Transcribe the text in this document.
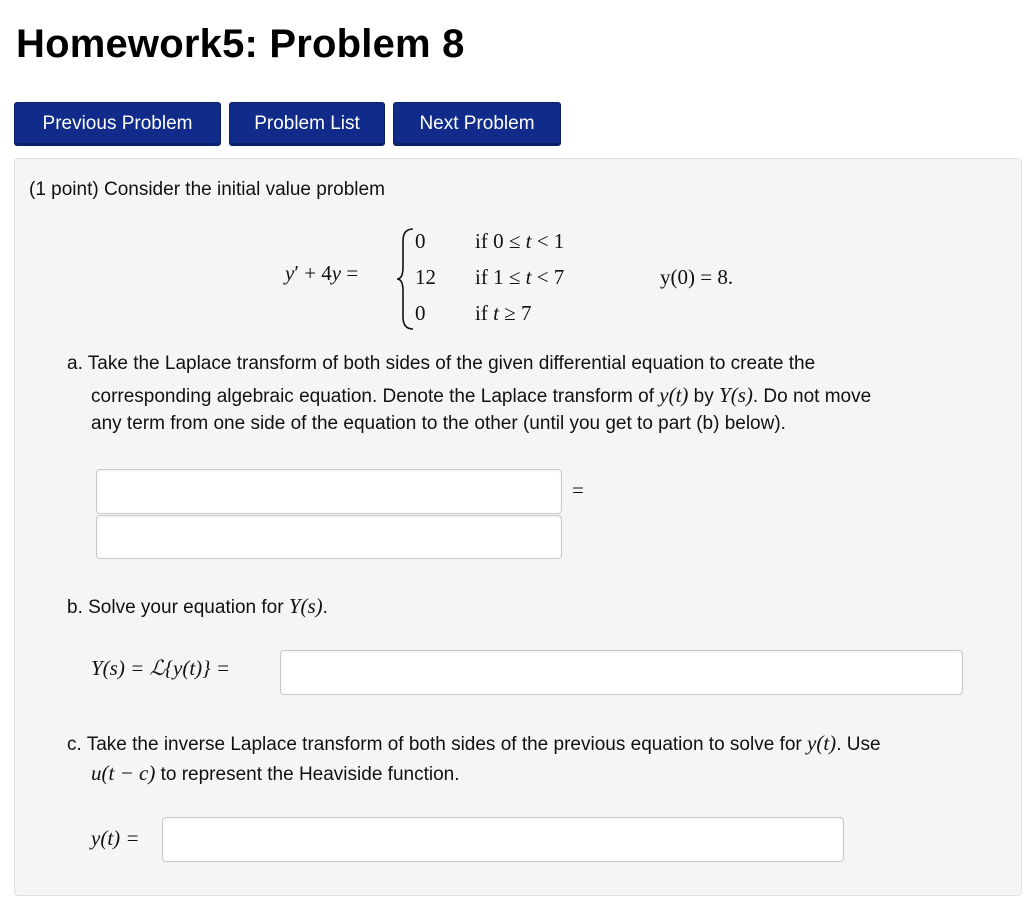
Homework5: Problem 8
Previous Problem	Problem List	Next Problem
(1 point) Consider the initial value problem
y′ + 4y =
0
12
0
if 0 ≤ t < 1
if 1 ≤ t < 7
if t ≥ 7
y(0) = 8.
a. Take the Laplace transform of both sides of the given differential equation to create the
corresponding algebraic equation. Denote the Laplace transform of y(t) by Y(s). Do not move
any term from one side of the equation to the other (until you get to part (b) below).
=
b. Solve your equation for Y(s).
Y(s) = ℒ{y(t)} =
c. Take the inverse Laplace transform of both sides of the previous equation to solve for y(t). Use
u(t − c) to represent the Heaviside function.
y(t) =
